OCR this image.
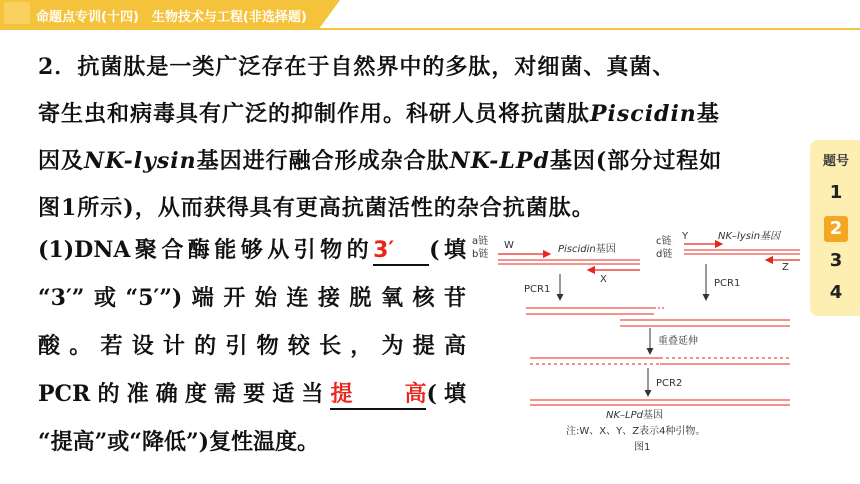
命题点专训(十四)　生物技术与工程(非选择题)

2．抗菌肽是一类广泛存在于自然界中的多肽，对细菌、真菌、

寄生虫和病毒具有广泛的抑制作用。科研人员将抗菌肽Piscidin基

因及NK-lysin基因进行融合形成杂合肽NK-LPd基因(部分过程如

图1所示)，从而获得具有更高抗菌活性的杂合抗菌肽。

(1)DNA聚合酶能够从引物的3′ (填
“3′”或“5′”)端开始连接脱氧核苷
酸。若设计的引物较长，为提高
PCR的准确度需要适当提高(填
“提高”或“降低”)复性温度。
题号
1
2
3
4
a链
b链
W	Piscidin基因
X
c链
d链
Y	NK–lysin基因
Z
PCR1
PCR1
重叠延伸
PCR2
NK–LPd基因
注:W、X、Y、Z表示4种引物。
图1
